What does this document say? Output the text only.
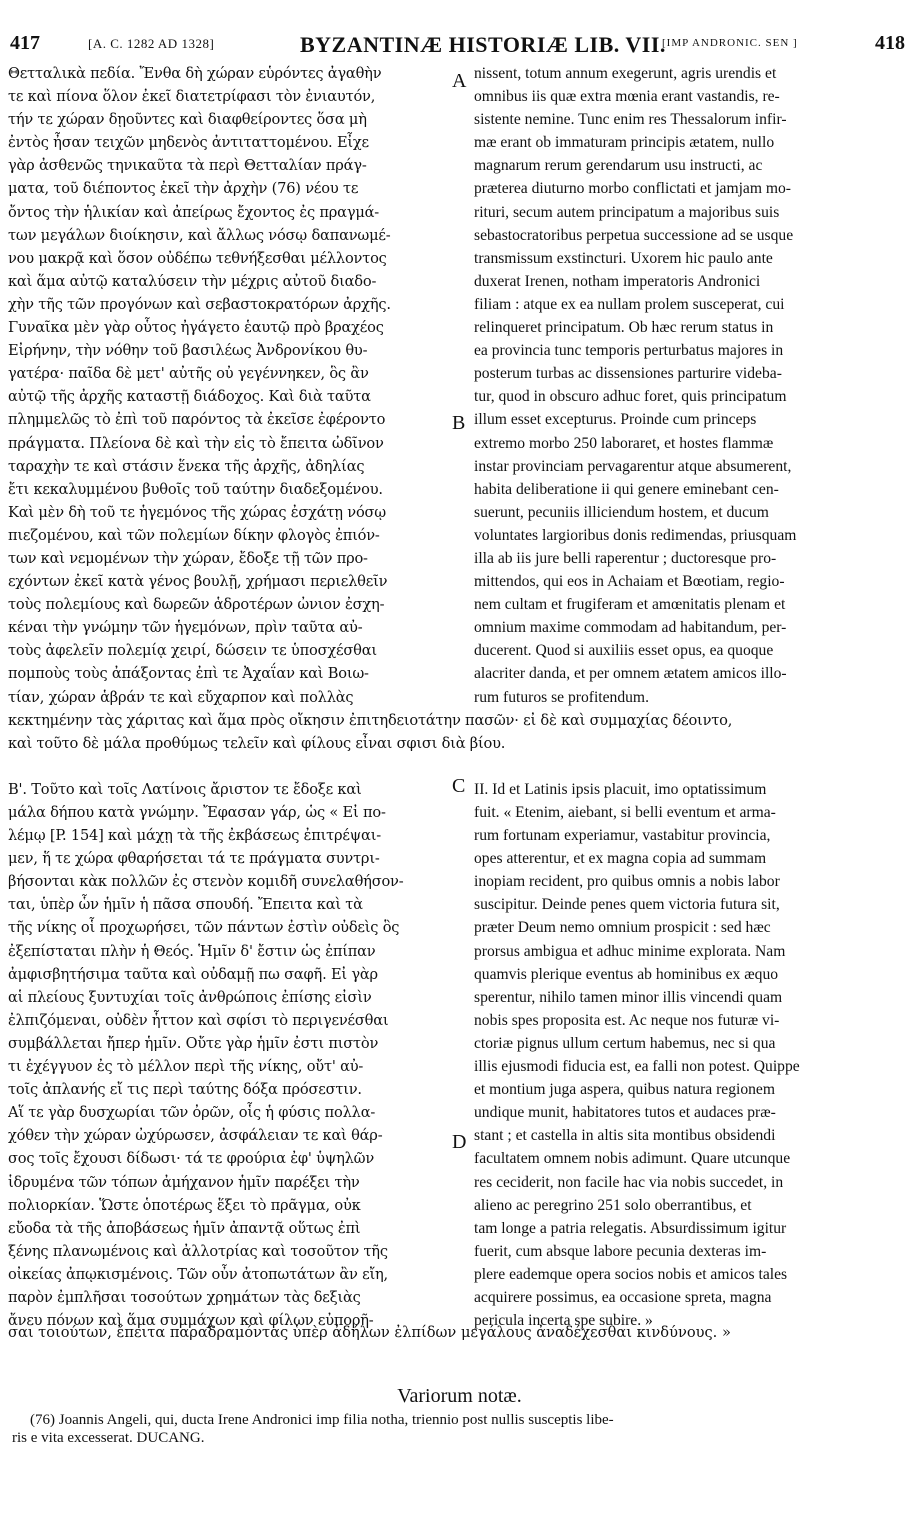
417	[A. C. 1282 AD 1328]	BYZANTINÆ HISTORIÆ LIB. VII.
[IMP ANDRONIC. SEN ]	418
A
B
C
D
Θετταλικὰ πεδία. Ἔνθα δὴ χώραν εὑρόντες ἀγαθὴν
τε καὶ πίονα ὅλον ἐκεῖ διατετρίφασι τὸν ἐνιαυτόν,
τήν τε χώραν δῃοῦντες καὶ διαφθείροντες ὅσα μὴ
ἐντὸς ἦσαν τειχῶν μηδενὸς ἀντιταττομένου. Εἶχε
γὰρ ἀσθενῶς τηνικαῦτα τὰ περὶ Θετταλίαν πράγ-
ματα, τοῦ διέποντος ἐκεῖ τὴν ἀρχὴν (76) νέου τε
ὄντος τὴν ἡλικίαν καὶ ἀπείρως ἔχοντος ἐς πραγμά-
των μεγάλων διοίκησιν, καὶ ἄλλως νόσῳ δαπανωμέ-
νου μακρᾷ καὶ ὅσον οὐδέπω τεθνήξεσθαι μέλλοντος
καὶ ἅμα αὐτῷ καταλύσειν τὴν μέχρις αὐτοῦ διαδο-
χὴν τῆς τῶν προγόνων καὶ σεβαστοκρατόρων ἀρχῆς.
Γυναῖκα μὲν γὰρ οὗτος ἠγάγετο ἑαυτῷ πρὸ βραχέος
Εἰρήνην, τὴν νόθην τοῦ βασιλέως Ἀνδρονίκου θυ-
γατέρα· παῖδα δὲ μετ' αὐτῆς οὐ γεγέννηκεν, ὃς ἂν
αὐτῷ τῆς ἀρχῆς καταστῇ διάδοχος. Καὶ διὰ ταῦτα
πλημμελῶς τὸ ἐπὶ τοῦ παρόντος τὰ ἐκεῖσε ἐφέροντο
πράγματα. Πλείονα δὲ καὶ τὴν εἰς τὸ ἔπειτα ὠδῖνον
ταραχὴν τε καὶ στάσιν ἕνεκα τῆς ἀρχῆς, ἀδηλίας
ἔτι κεκαλυμμένου βυθοῖς τοῦ ταύτην διαδεξομένου.
Καὶ μὲν δὴ τοῦ τε ἡγεμόνος τῆς χώρας ἐσχάτῃ νόσῳ
πιεζομένου, καὶ τῶν πολεμίων δίκην φλογὸς ἐπιόν-
των καὶ νεμομένων τὴν χώραν, ἔδοξε τῇ τῶν προ-
εχόντων ἐκεῖ κατὰ γένος βουλῇ, χρήμασι περιελθεῖν
τοὺς πολεμίους καὶ δωρεῶν ἁδροτέρων ὠνιον ἐσχη-
κέναι τὴν γνώμην τῶν ἡγεμόνων, πρὶν ταῦτα αὐ-
τοὺς ἀφελεῖν πολεμίᾳ χειρί, δώσειν τε ὑποσχέσθαι
πομποὺς τοὺς ἀπάξοντας ἐπὶ τε Ἀχαΐαν καὶ Βοιω-
τίαν, χώραν ἁβράν τε καὶ εὔχαρπον καὶ πολλὰς
κεκτημένην τὰς χάριτας καὶ ἅμα πρὸς οἴκησιν ἐπιτηδειοτάτην πασῶν· εἰ δὲ καὶ συμμαχίας δέοιντο,
καὶ τοῦτο δὲ μάλα προθύμως τελεῖν καὶ φίλους εἶναι σφισι διὰ βίου.
Β'. Τοῦτο καὶ τοῖς Λατίνοις ἄριστον τε ἔδοξε καὶ
μάλα δήπου κατὰ γνώμην. Ἔφασαν γάρ, ὡς « Εἰ πο-
λέμῳ [P. 154] καὶ μάχῃ τὰ τῆς ἐκβάσεως ἐπιτρέψαι-
μεν, ἥ τε χώρα φθαρήσεται τά τε πράγματα συντρι-
βήσονται κὰκ πολλῶν ἐς στενὸν κομιδῆ συνελαθήσον-
ται, ὑπὲρ ὧν ἡμῖν ἡ πᾶσα σπουδή. Ἔπειτα καὶ τὰ
τῆς νίκης οἷ προχωρήσει, τῶν πάντων ἐστὶν οὐδεὶς ὃς
ἐξεπίσταται πλὴν ἡ Θεός. Ἡμῖν δ' ἔστιν ὡς ἐπίπαν
ἀμφισβητήσιμα ταῦτα καὶ οὐδαμῇ πω σαφῆ. Εἰ γὰρ
αἱ πλείους ξυντυχίαι τοῖς ἀνθρώποις ἐπίσης εἰσὶν
ἐλπιζόμεναι, οὐδὲν ἧττον καὶ σφίσι τὸ περιγενέσθαι
συμβάλλεται ἤπερ ἡμῖν. Οὔτε γὰρ ἡμῖν ἐστι πιστὸν
τι ἐχέγγυον ἐς τὸ μέλλον περὶ τῆς νίκης, οὔτ' αὐ-
τοῖς ἀπλανής εἴ τις περὶ ταύτης δόξα πρόσεστιν.
Αἵ τε γὰρ δυσχωρίαι τῶν ὀρῶν, οἷς ἡ φύσις πολλα-
χόθεν τὴν χώραν ὠχύρωσεν, ἀσφάλειαν τε καὶ θάρ-
σος τοῖς ἔχουσι δίδωσι· τά τε φρούρια ἐφ' ὑψηλῶν
ἱδρυμένα τῶν τόπων ἀμήχανον ἡμῖν παρέξει τὴν
πολιορκίαν. Ὥστε ὁποτέρως ἕξει τὸ πρᾶγμα, οὐκ
εὔοδα τὰ τῆς ἀποβάσεως ἡμῖν ἀπαντᾷ οὕτως ἐπὶ
ξένης πλανωμένοις καὶ ἀλλοτρίας καὶ τοσοῦτον τῆς
οἰκείας ἀπῳκισμένοις. Τῶν οὖν ἀτοπωτάτων ἂν εἴη,
παρὸν ἐμπλῆσαι τοσούτων χρημάτων τὰς δεξιὰς
ἄνευ πόνων καὶ ἅμα συμμάχων καὶ φίλων εὐπορῆ-
nissent, totum annum exegerunt, agris urendis et
omnibus iis quæ extra mœnia erant vastandis, re-
sistente nemine. Tunc enim res Thessalorum infir-
mæ erant ob immaturam principis ætatem, nullo
magnarum rerum gerendarum usu instructi, ac
præterea diuturno morbo conflictati et jamjam mo-
rituri, secum autem principatum a majoribus suis
sebastocratoribus perpetua successione ad se usque
transmissum exstincturi. Uxorem hic paulo ante
duxerat Irenen, notham imperatoris Andronici
filiam : atque ex ea nullam prolem susceperat, cui
relinqueret principatum. Ob hæc rerum status in
ea provincia tunc temporis perturbatus majores in
posterum turbas ac dissensiones parturire videba-
tur, quod in obscuro adhuc foret, quis principatum
illum esset excepturus. Proinde cum princeps
extremo morbo 250 laboraret, et hostes flammæ
instar provinciam pervagarentur atque absumerent,
habita deliberatione ii qui genere eminebant cen-
suerunt, pecuniis illiciendum hostem, et ducum
voluntates largioribus donis redimendas, priusquam
illa ab iis jure belli raperentur ; ductoresque pro-
mittendos, qui eos in Achaiam et Bœotiam, regio-
nem cultam et frugiferam et amœnitatis plenam et
omnium maxime commodam ad habitandum, per-
ducerent. Quod si auxiliis esset opus, ea quoque
alacriter danda, et per omnem ætatem amicos illo-
rum futuros se profitendum.
II. Id et Latinis ipsis placuit, imo optatissimum
fuit. « Etenim, aiebant, si belli eventum et arma-
rum fortunam experiamur, vastabitur provincia,
opes atterentur, et ex magna copia ad summam
inopiam recident, pro quibus omnis a nobis labor
suscipitur. Deinde penes quem victoria futura sit,
præter Deum nemo omnium prospicit : sed hæc
prorsus ambigua et adhuc minime explorata. Nam
quamvis plerique eventus ab hominibus ex æquo
sperentur, nihilo tamen minor illis vincendi quam
nobis spes proposita est. Ac neque nos futuræ vi-
ctoriæ pignus ullum certum habemus, nec si qua
illis ejusmodi fiducia est, ea falli non potest. Quippe
et montium juga aspera, quibus natura regionem
undique munit, habitatores tutos et audaces præ-
stant ; et castella in altis sita montibus obsidendi
facultatem omnem nobis adimunt. Quare utcunque
res ceciderit, non facile hac via nobis succedet, in
alieno ac peregrino 251 solo oberrantibus, et
tam longe a patria relegatis. Absurdissimum igitur
fuerit, cum absque labore pecunia dexteras im-
plere eademque opera socios nobis et amicos tales
acquirere possimus, ea occasione spreta, magna
pericula incerta spe subire. »
σαι τοιούτων, ἔπειτα παραδραμόντας ὑπὲρ ἀδήλων ἐλπίδων μεγάλους ἀναδέχεσθαι κινδύνους. »
Variorum notæ.
(76) Joannis Angeli, qui, ducta Irene Andronici imp filia notha, triennio post nullis susceptis libe-
ris e vita excesserat. DUCANG.
